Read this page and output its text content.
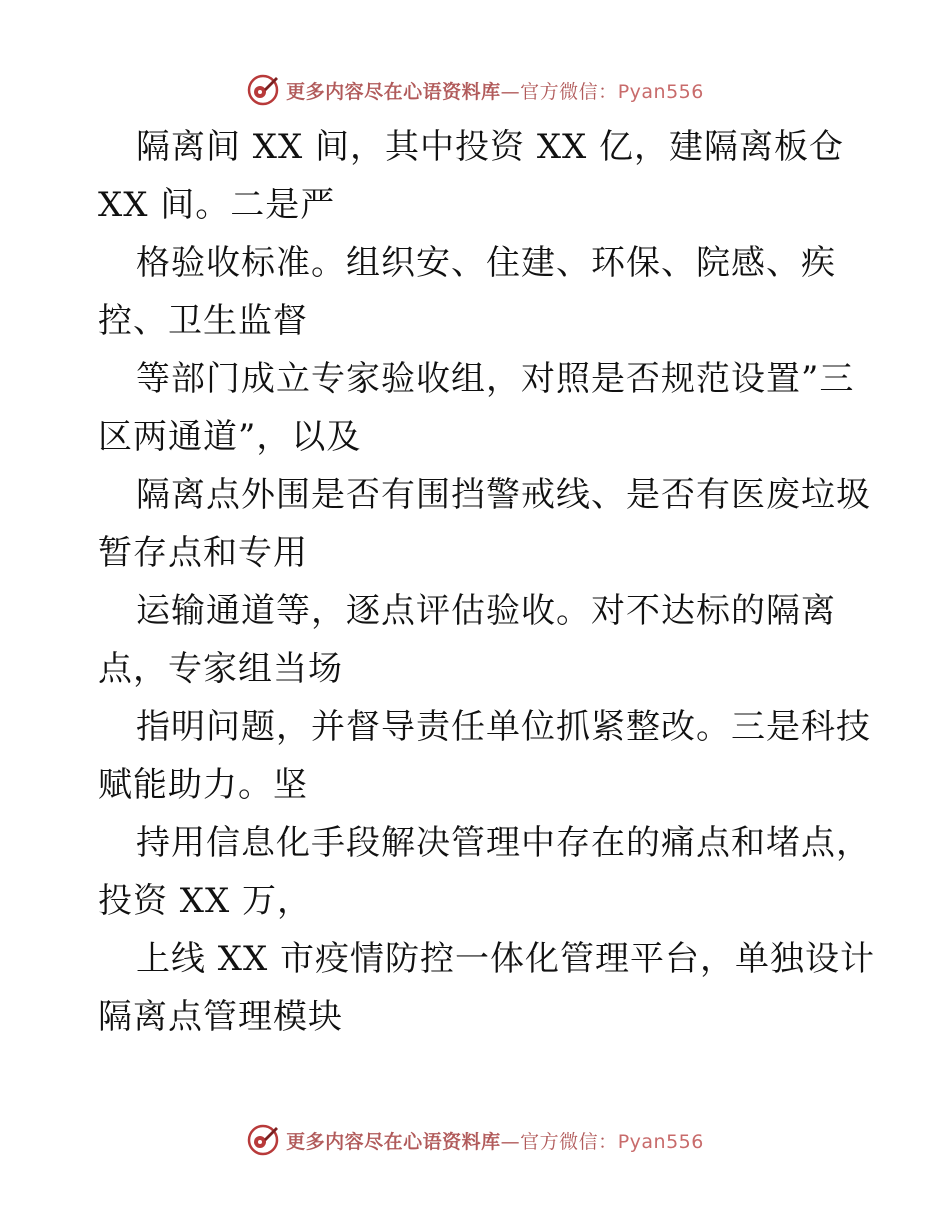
更多内容尽在心语资料库—官方微信：Pyan556
隔离间 XX 间，其中投资 XX 亿，建隔离板仓
XX 间。二是严
格验收标准。组织安、住建、环保、院感、疾
控、卫生监督
等部门成立专家验收组，对照是否规范设置”三
区两通道”，以及
隔离点外围是否有围挡警戒线、是否有医废垃圾
暂存点和专用
运输通道等，逐点评估验收。对不达标的隔离
点，专家组当场
指明问题，并督导责任单位抓紧整改。三是科技
赋能助力。坚
持用信息化手段解决管理中存在的痛点和堵点，
投资 XX 万，
上线 XX 市疫情防控一体化管理平台，单独设计
隔离点管理模块
更多内容尽在心语资料库—官方微信：Pyan556
